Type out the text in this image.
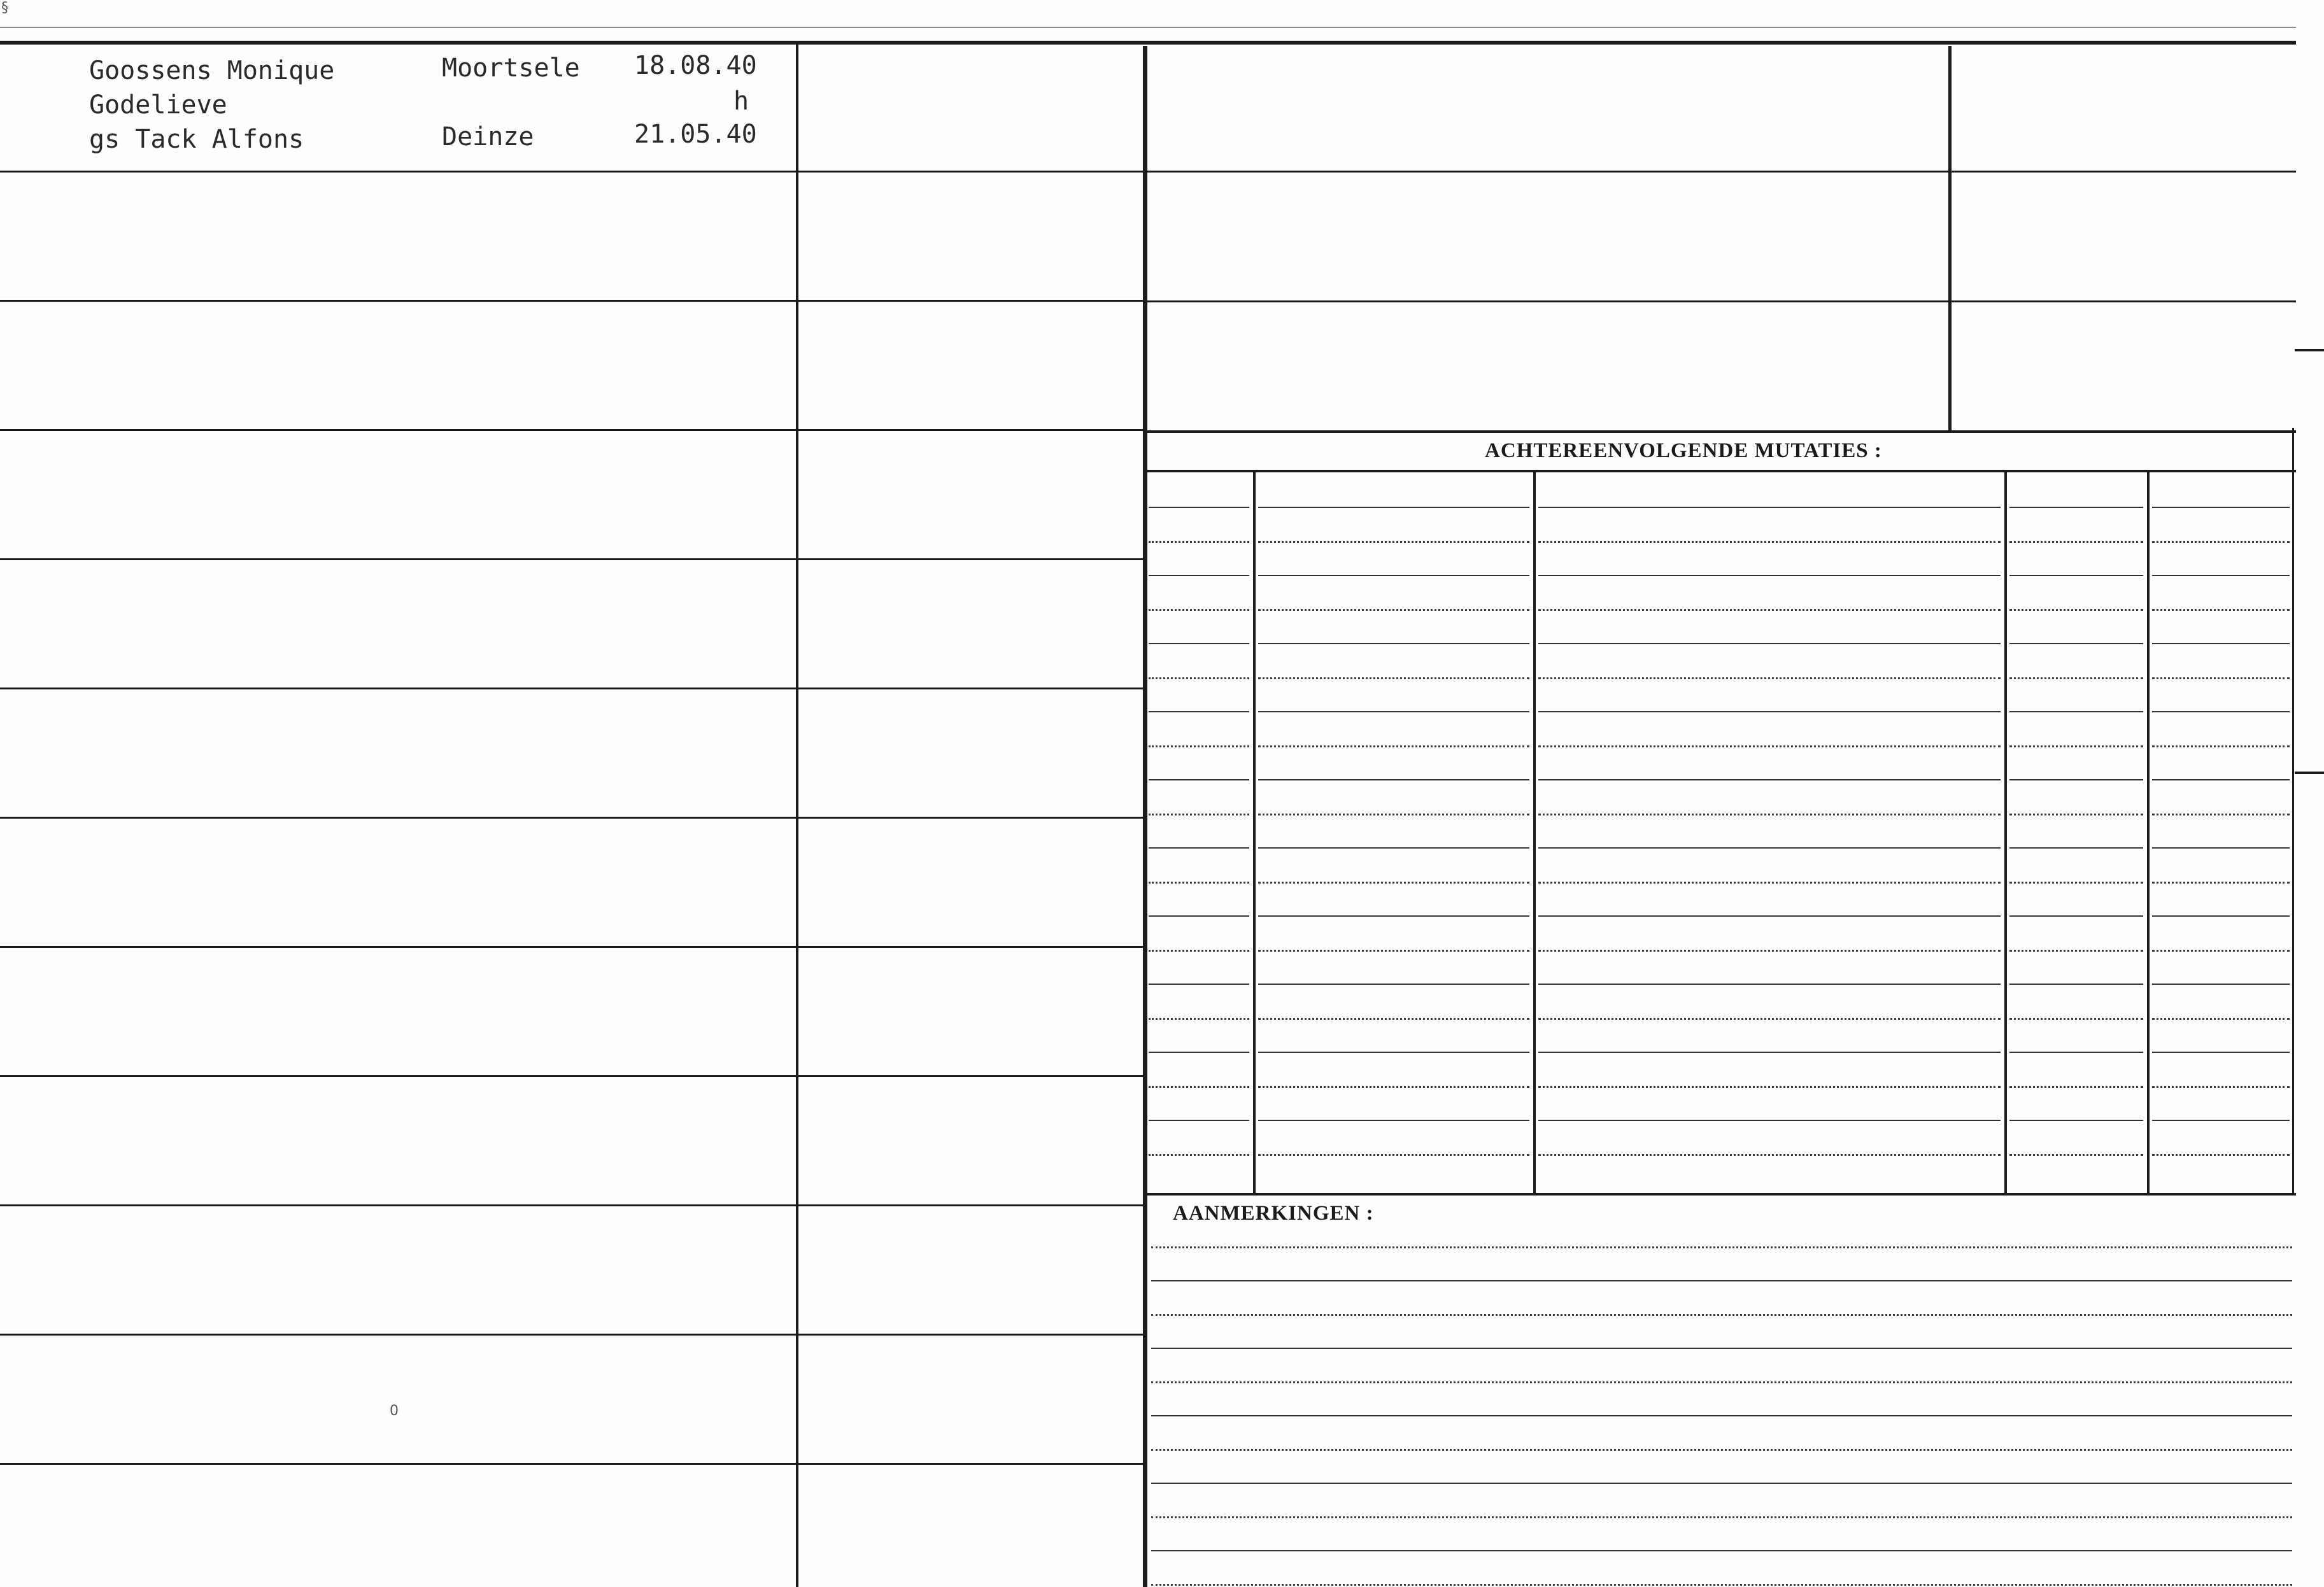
§
Goossens Monique
Godelieve
gs Tack Alfons
Moortsele
Deinze
18.08.40
h
21.05.40
0
ACHTEREENVOLGENDE MUTATIES :
AANMERKINGEN :
